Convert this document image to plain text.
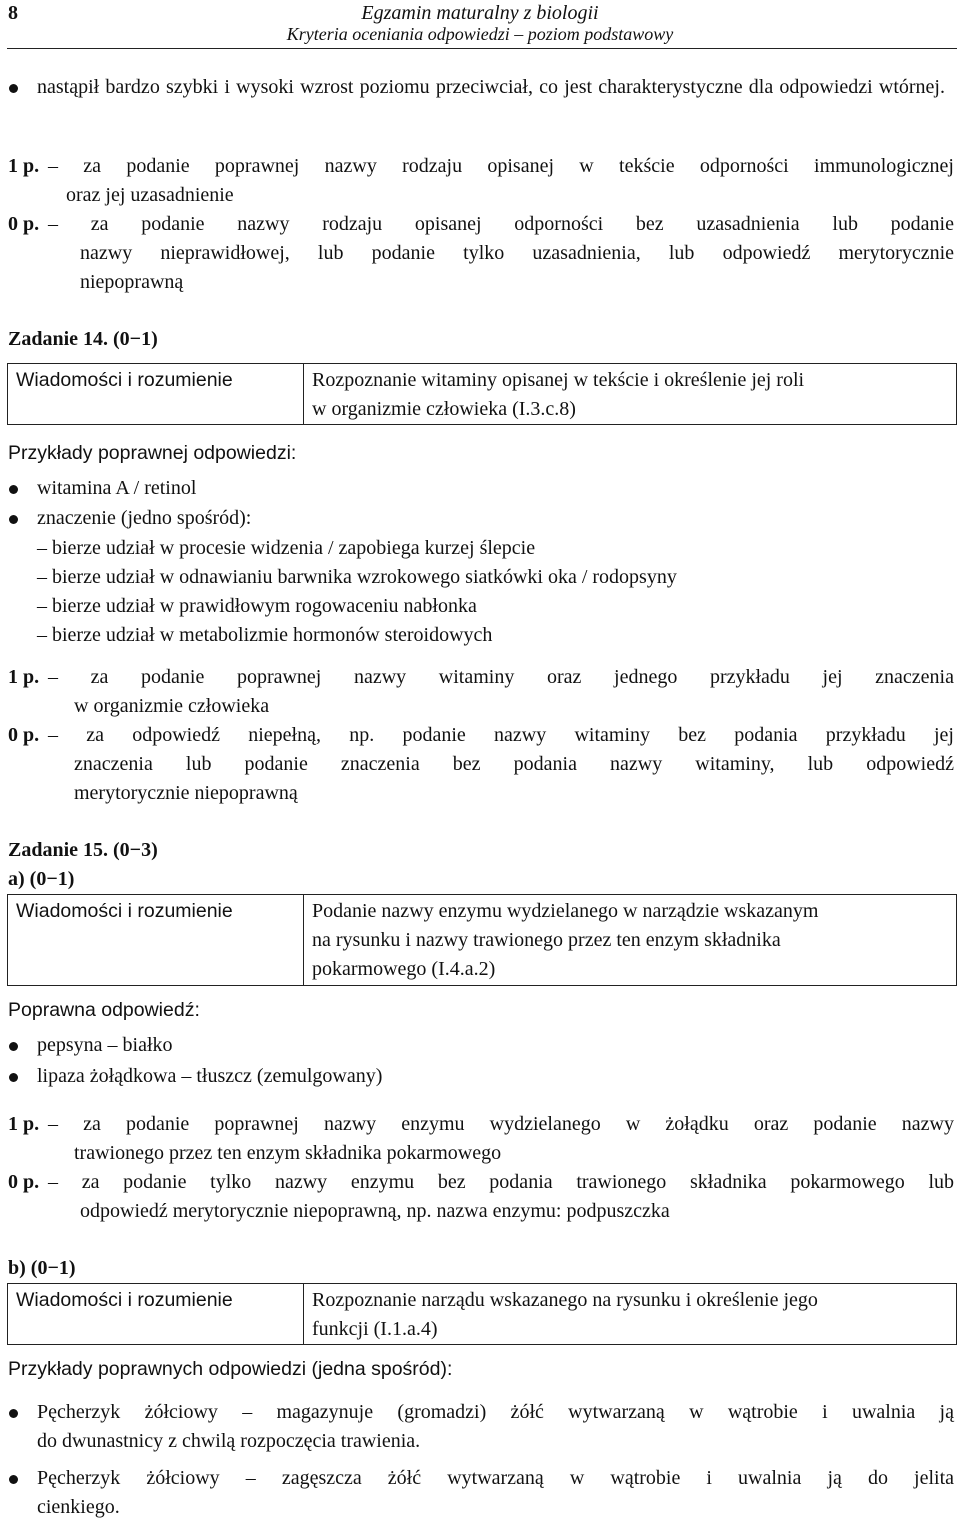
8	Egzamin maturalny z biologii
Kryteria oceniania odpowiedzi – poziom podstawowy
nastąpił bardzo szybki i wysoki wzrost poziomu przeciwciał, co jest charakterystyczne dla odpowiedzi wtórnej.
1 p. – za podanie poprawnej nazwy rodzaju opisanej w tekście odporności immunologicznej
oraz jej uzasadnienie
0 p. – za podanie nazwy rodzaju opisanej odporności bez uzasadnienia lub podanie
nazwy nieprawidłowej, lub podanie tylko uzasadnienia, lub odpowiedź merytorycznie
niepoprawną
Zadanie 14. (0−1)
Wiadomości i rozumienie	Rozpoznanie witaminy opisanej w tekście i określenie jej roli
w organizmie człowieka (I.3.c.8)
Przykłady poprawnej odpowiedzi:
witamina A / retinol
znaczenie (jedno spośród):
– bierze udział w procesie widzenia / zapobiega kurzej ślepcie
– bierze udział w odnawianiu barwnika wzrokowego siatkówki oka / rodopsyny
– bierze udział w prawidłowym rogowaceniu nabłonka
– bierze udział w metabolizmie hormonów steroidowych
1 p. – za podanie poprawnej nazwy witaminy oraz jednego przykładu jej znaczenia
w organizmie człowieka
0 p. – za odpowiedź niepełną, np. podanie nazwy witaminy bez podania przykładu jej
znaczenia lub podanie znaczenia bez podania nazwy witaminy, lub odpowiedź
merytorycznie niepoprawną
Zadanie 15. (0−3)
a) (0−1)
Wiadomości i rozumienie	Podanie nazwy enzymu wydzielanego w narządzie wskazanym
na rysunku i nazwy trawionego przez ten enzym składnika
pokarmowego (I.4.a.2)
Poprawna odpowiedź:
pepsyna – białko
lipaza żołądkowa – tłuszcz (zemulgowany)
1 p. – za podanie poprawnej nazwy enzymu wydzielanego w żołądku oraz podanie nazwy
trawionego przez ten enzym składnika pokarmowego
0 p. – za podanie tylko nazwy enzymu bez podania trawionego składnika pokarmowego lub
odpowiedź merytorycznie niepoprawną, np. nazwa enzymu: podpuszczka
b) (0−1)
Wiadomości i rozumienie	Rozpoznanie narządu wskazanego na rysunku i określenie jego
funkcji (I.1.a.4)
Przykłady poprawnych odpowiedzi (jedna spośród):
Pęcherzyk żółciowy – magazynuje (gromadzi) żółć wytwarzaną w wątrobie i uwalnia ją
do dwunastnicy z chwilą rozpoczęcia trawienia.
Pęcherzyk żółciowy – zagęszcza żółć wytwarzaną w wątrobie i uwalnia ją do jelita
cienkiego.
